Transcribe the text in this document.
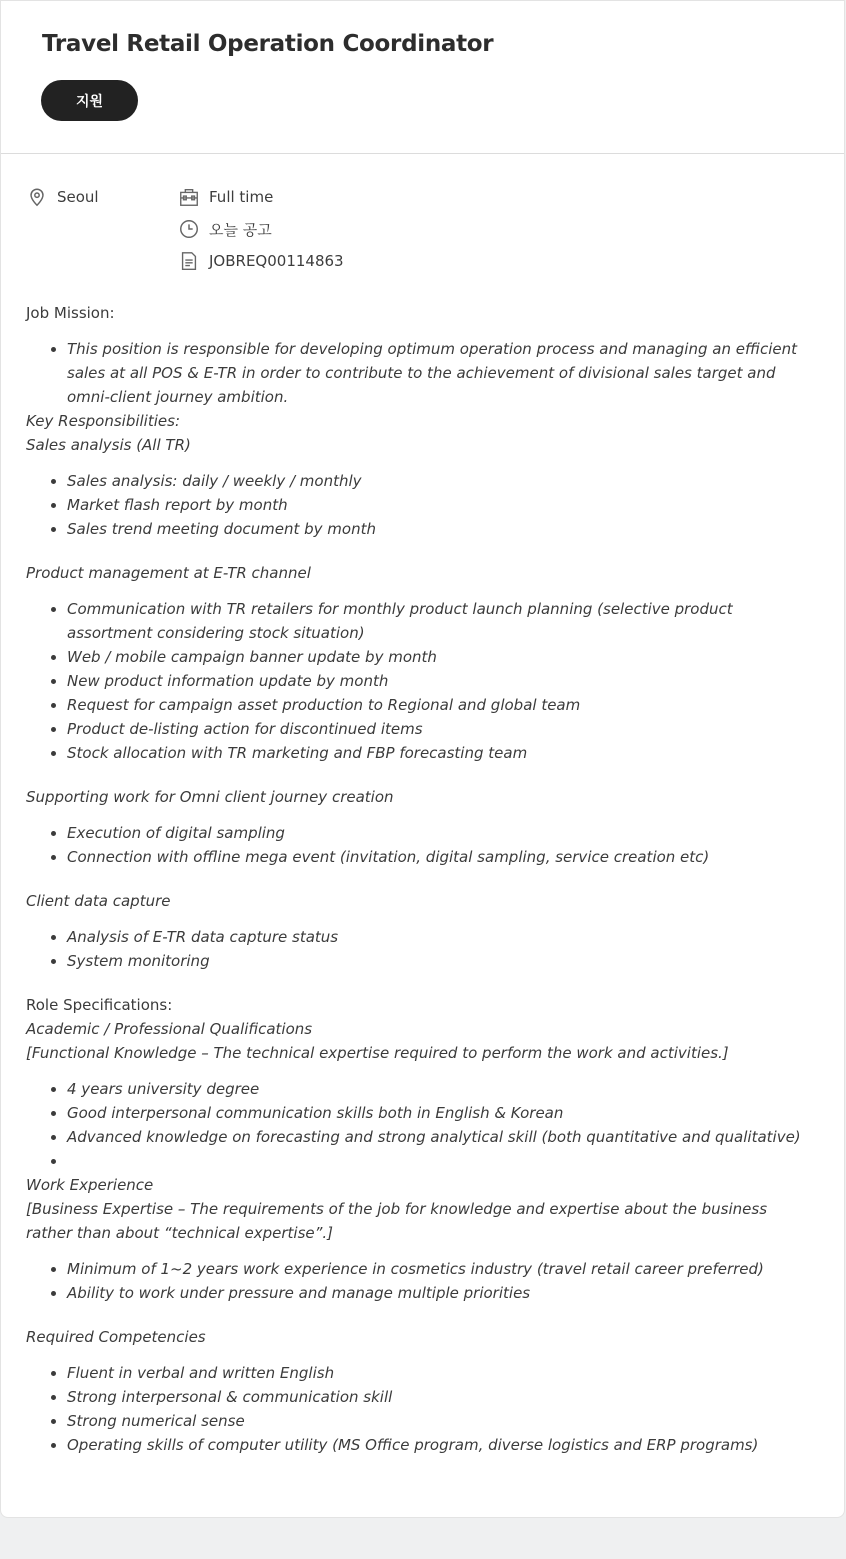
Travel Retail Operation Coordinator
지원
Seoul	Full time
오늘 공고
JOBREQ00114863

Job Mission:

• This position is responsible for developing optimum operation process and managing an efficient sales at all POS & E-TR in order to contribute to the achievement of divisional sales target and omni-client journey ambition.

Key Responsibilities:

Sales analysis (All TR)

• Sales analysis: daily / weekly / monthly
• Market flash report by month
• Sales trend meeting document by month

Product management at E-TR channel

• Communication with TR retailers for monthly product launch planning (selective product assortment considering stock situation)
• Web / mobile campaign banner update by month
• New product information update by month
• Request for campaign asset production to Regional and global team
• Product de-listing action for discontinued items
• Stock allocation with TR marketing and FBP forecasting team

Supporting work for Omni client journey creation

• Execution of digital sampling
• Connection with offline mega event (invitation, digital sampling, service creation etc)

Client data capture

• Analysis of E-TR data capture status
• System monitoring

Role Specifications:

Academic / Professional Qualifications

[Functional Knowledge – The technical expertise required to perform the work and activities.]

• 4 years university degree
• Good interpersonal communication skills both in English & Korean
• Advanced knowledge on forecasting and strong analytical skill (both quantitative and qualitative)
•

Work Experience

[Business Expertise – The requirements of the job for knowledge and expertise about the business rather than about “technical expertise”.]

• Minimum of 1~2 years work experience in cosmetics industry (travel retail career preferred)
• Ability to work under pressure and manage multiple priorities

Required Competencies

• Fluent in verbal and written English
• Strong interpersonal & communication skill
• Strong numerical sense
• Operating skills of computer utility (MS Office program, diverse logistics and ERP programs)
